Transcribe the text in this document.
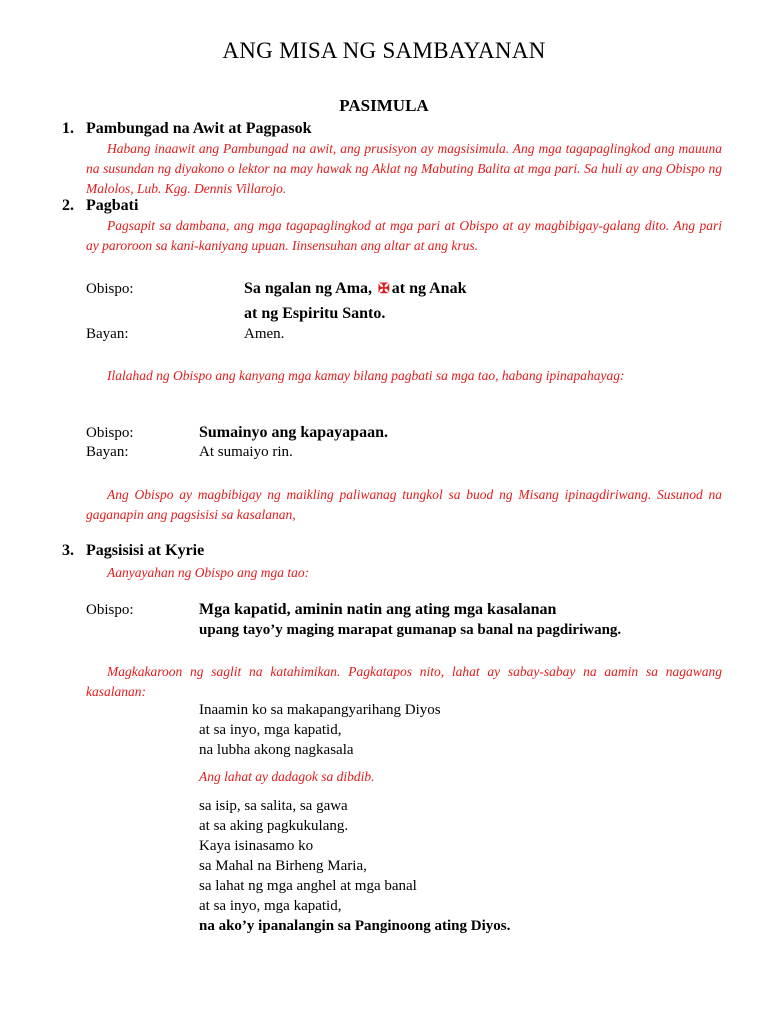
ANG MISA NG SAMBAYANAN
PASIMULA
1. Pambungad na Awit at Pagpasok
Habang inaawit ang Pambungad na awit, ang prusisyon ay magsisimula. Ang mga tagapaglingkod ang mauuna na susundan ng diyakono o lektor na may hawak ng Aklat ng Mabuting Balita at mga pari. Sa huli ay ang Obispo ng Malolos, Lub. Kgg. Dennis Villarojo.
2. Pagbati
Pagsapit sa dambana, ang mga tagapaglingkod at mga pari at Obispo at ay magbibigay-galang dito. Ang pari ay paroroon sa kani-kaniyang upuan. Iinsensuhan ang altar at ang krus.
Obispo:	Sa ngalan ng Ama, ✠ at ng Anak
at ng Espiritu Santo.
Bayan:	Amen.
Ilalahad ng Obispo ang kanyang mga kamay bilang pagbati sa mga tao, habang ipinapahayag:
Obispo:	Sumainyo ang kapayapaan.
Bayan:	At sumaiyo rin.
Ang Obispo ay magbibigay ng maikling paliwanag tungkol sa buod ng Misang ipinagdiriwang. Susunod na gaganapin ang pagsisisi sa kasalanan,
3. Pagsisisi at Kyrie
Aanyayahan ng Obispo ang mga tao:
Obispo:	Mga kapatid, aminin natin ang ating mga kasalanan
upang tayo’y maging marapat gumanap sa banal na pagdiriwang.
Magkakaroon ng saglit na katahimikan. Pagkatapos nito, lahat ay sabay-sabay na aamin sa nagawang kasalanan:
Inaamin ko sa makapangyarihang Diyos
at sa inyo, mga kapatid,
na lubha akong nagkasala
Ang lahat ay dadagok sa dibdib.
sa isip, sa salita, sa gawa
at sa aking pagkukulang.
Kaya isinasamo ko
sa Mahal na Birheng Maria,
sa lahat ng mga anghel at mga banal
at sa inyo, mga kapatid,
na ako’y ipanalangin sa Panginoong ating Diyos.
